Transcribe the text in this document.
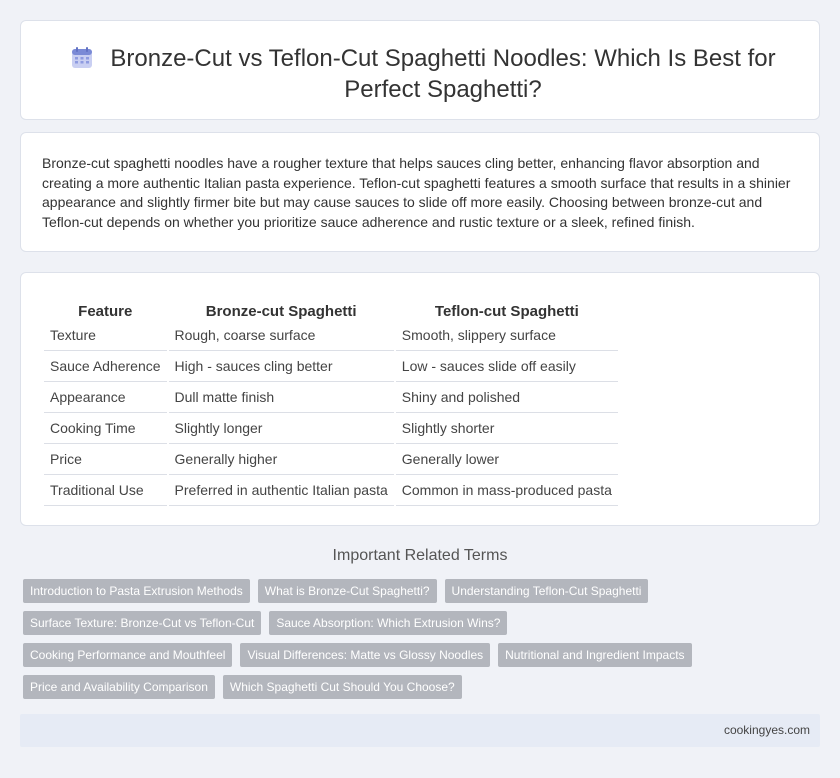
Bronze-Cut vs Teflon-Cut Spaghetti Noodles: Which Is Best for Perfect Spaghetti?

Bronze-cut spaghetti noodles have a rougher texture that helps sauces cling better, enhancing flavor absorption and creating a more authentic Italian pasta experience. Teflon-cut spaghetti features a smooth surface that results in a shinier appearance and slightly firmer bite but may cause sauces to slide off more easily. Choosing between bronze-cut and Teflon-cut depends on whether you prioritize sauce adherence and rustic texture or a sleek, refined finish.

Feature	Bronze-cut Spaghetti	Teflon-cut Spaghetti
Texture	Rough, coarse surface	Smooth, slippery surface
Sauce Adherence	High - sauces cling better	Low - sauces slide off easily
Appearance	Dull matte finish	Shiny and polished
Cooking Time	Slightly longer	Slightly shorter
Price	Generally higher	Generally lower
Traditional Use	Preferred in authentic Italian pasta	Common in mass-produced pasta
Important Related Terms
Introduction to Pasta Extrusion Methods	What is Bronze-Cut Spaghetti?	Understanding Teflon-Cut Spaghetti
Surface Texture: Bronze-Cut vs Teflon-Cut	Sauce Absorption: Which Extrusion Wins?
Cooking Performance and Mouthfeel	Visual Differences: Matte vs Glossy Noodles	Nutritional and Ingredient Impacts
Price and Availability Comparison	Which Spaghetti Cut Should You Choose?
cookingyes.com
